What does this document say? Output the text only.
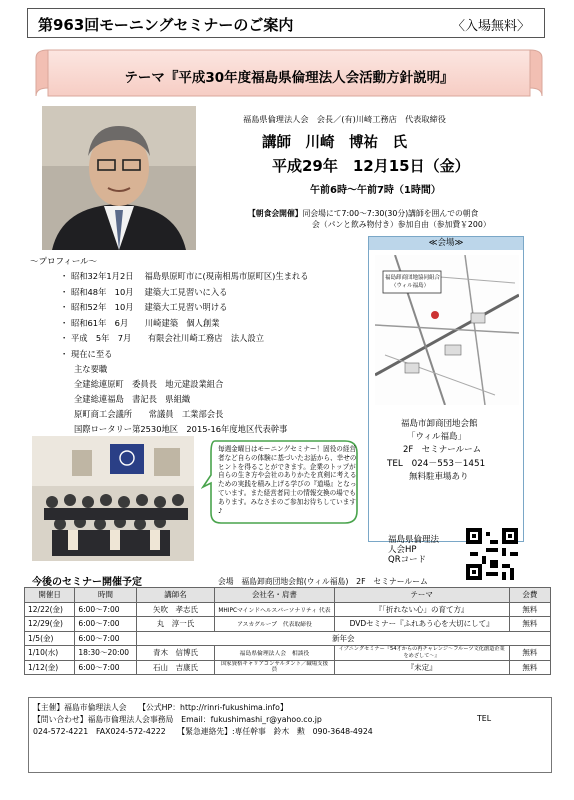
第963回モーニングセミナーのご案内	〈入場無料〉
テーマ『平成30年度福島県倫理法人会活動方針説明』
福島県倫理法人会　会長／(有)川崎工務店　代表取締役
講師　川崎　博祐　氏
平成29年　12月15日（金）
午前6時～午前7時（1時間）
【朝食会開催】同会場にて7:00～7:30(30分)講師を囲んでの朝食
会（パンと飲み物付き）参加自由（参加費￥200）
～プロフィール～
・ 昭和32年1月2日　 福島県原町市に(現南相馬市原町区)生まれる
・ 昭和48年　10月　 建築大工見習いに入る
・ 昭和52年　10月　 建築大工見習い明ける
・ 昭和61年　6月　　川崎建築　個人創業
・ 平成　5年　7月　　有限会社川崎工務店　法人設立
・ 現在に至る
主な要職
全建総連原町　委員長　地元建設業組合
全建総連福島　書記長　県組織
原町商工会議所　　常議員　工業部会長
国際ロータリー第2530地区　2015-16年度地区代表幹事
≪会場≫
福島卸商団地協同組合
（ウィル福島）
福島市卸商団地会館
「ウィル福島」
2F　セミナールーム
TEL　024－553－1451
無料駐車場あり
毎週金曜日はモーニングセミナー！固役の経営者など自らの体験に基づいたお話から、幸せのヒントを得ることができます。企業のトップが自らの生き方や会社のありかたを真剣に考えるための実践を積み上げる学びの『道場』となっています。また経営者同士の情報交換の場でもあります。みなさまのご参加お待ちしています♪
福島県倫理法
人会HP
QRコード
今後のセミナー開催予定	会場　福島卸商団地会館(ウィル福島)　2F　セミナールーム
開催日	時間	講師名	会社名・肩書	テーマ	会費
12/22(金)	6:00～7:00	矢吹　孝志氏	MHIPCマインドヘルスパーソナリティ 代表	『「折れない心」の育て方』	無料
12/29(金)	6:00～7:00	丸　淳一氏	アスカグループ　代表取締役	DVDセミナー『ふれあう心を大切にして』	無料
1/5(金)	6:00～7:00	新年会			
1/10(水)	18:30～20:00	青木　信博氏	福島県倫理法人会　相談役	イブニングセミナー『54才からの再チャレンジ～フルーツ文化創造企業をめざして～』	無料
1/12(金)	6:00～7:00	石山　吉康氏	国家資格キャリアコンサルタント／職場支援員	『未定』	無料
【主催】福島市倫理法人会　　【公式HP：http://rinri-fukushima.info】
【問い合わせ】福島市倫理法人会事務局　Email：fukushimashi_r@yahoo.co.jp	TEL
024-572-4221　FAX024-572-4222　　【緊急連絡先】:専任幹事　鈴木　勲　090-3648-4924
